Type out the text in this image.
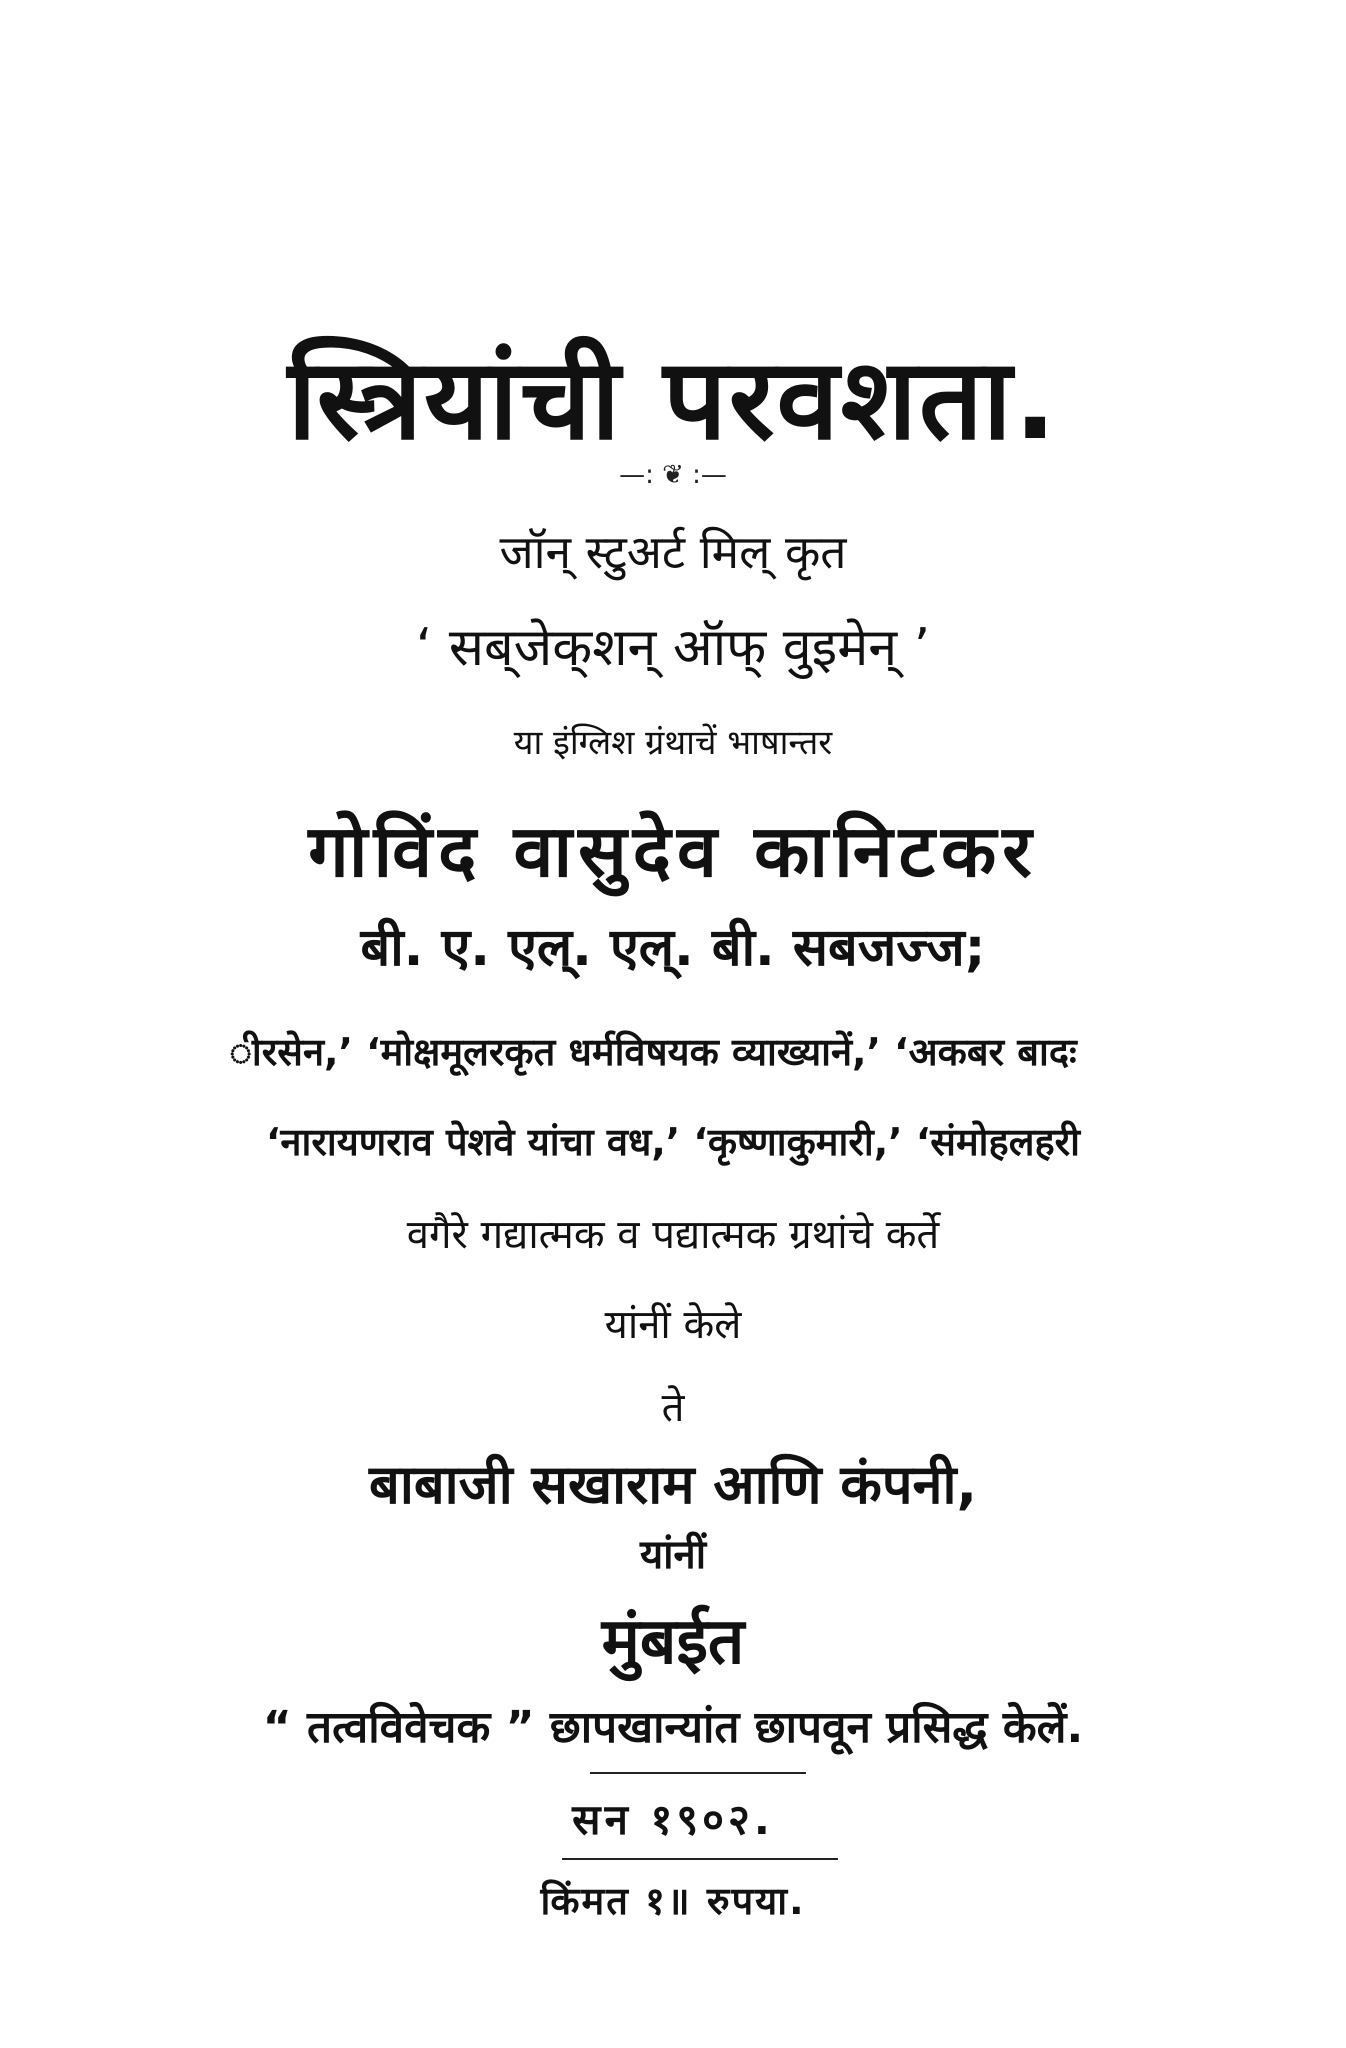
स्त्रियांची परवशता.
—: ❦ :—
जॉन् स्टुअर्ट मिल् कृत
‘ सब्‌जेक्‌शन् ऑफ् वुइमेन् ’
या इंग्लिश ग्रंथाचें भाषान्तर
गोविंद वासुदेव कानिटकर
बी. ए. एल्. एल्. बी. सबजज्ज;
ीरसेन,’ ‘मोक्षमूलरकृत धर्मविषयक व्याख्यानें,’ ‘अकबर बादः
‘नारायणराव पेशवे यांचा वध,’ ‘कृष्णाकुमारी,’ ‘संमोहलहरी
वगैरे गद्यात्मक व पद्यात्मक ग्रथांचे कर्ते
यांनीं केले
ते
बाबाजी सखाराम आणि कंपनी,
यांनीं
मुंबईत
“ तत्वविवेचक ” छापखान्यांत छापवून प्रसिद्ध केलें.
सन १९०२.
किंमत १॥ रुपया.
